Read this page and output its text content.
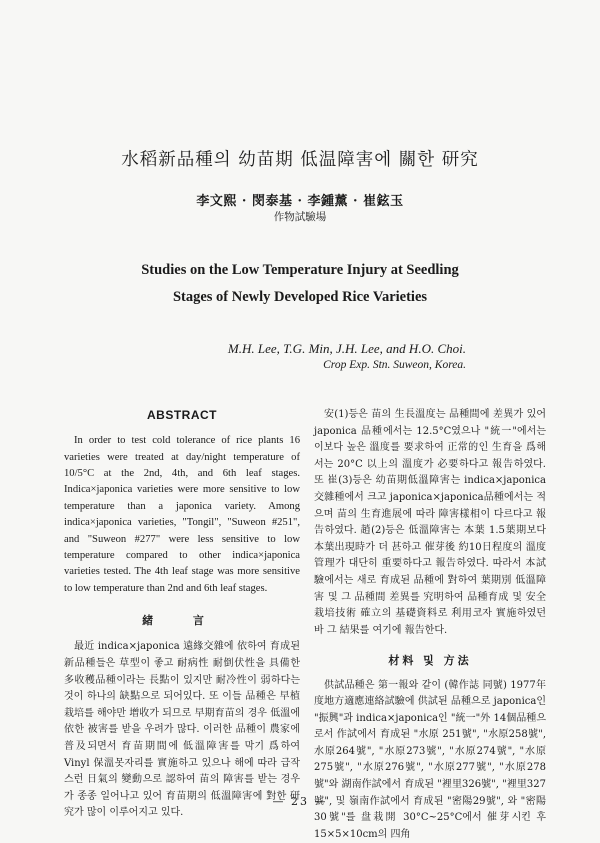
水稻新品種의 幼苗期 低温障害에 關한 研究
李文熙 · 閔泰基 · 李鍾薰 · 崔鉉玉
作物試驗場
Studies on the Low Temperature Injury at Seedling
Stages of Newly Developed Rice Varieties
M.H. Lee, T.G. Min, J.H. Lee, and H.O. Choi.
Crop Exp. Stn. Suweon, Korea.
ABSTRACT

In order to test cold tolerance of rice plants 16 varieties were treated at day/night temperature of 10/5°C at the 2nd, 4th, and 6th leaf stages. Indica×japonica varieties were more sensitive to low temperature than a japonica variety. Among indica×japonica varieties, "Tongil", "Suweon #251", and "Suweon #277" were less sensitive to low temperature compared to other indica×japonica varieties tested. The 4th leaf stage was more sensitive to low temperature than 2nd and 6th leaf stages.

緒 言

最近 indica×japonica 遠緣交雜에 依하여 育成된 新品種들은 草型이 좋고 耐病性 耐倒伏性을 具備한 多收穫品種이라는 長點이 있지만 耐冷性이 弱하다는 것이 하나의 缺點으로 되어있다. 또 이들 品種은 早植栽培를 해야만 增收가 되므로 早期育苗의 경우 低溫에 依한 被害를 받을 우려가 많다. 이러한 品種이 農家에 普及되면서 育苗期間에 低溫障害를 막기 爲하여 Vinyl 保溫못자리를 實施하고 있으나 해에 따라 급작스런 日氣의 變動으로 認하여 苗의 障害를 받는 경우가 종종 일어나고 있어 育苗期의 低溫障害에 對한 研究가 많이 이루어지고 있다.

安(1)등은 苗의 生長溫度는 品種間에 差異가 있어 japonica 品種에서는 12.5°C였으나 "統一"에서는 이보다 높은 溫度를 要求하여 正常的인 生育을 爲해서는 20°C 以上의 溫度가 必要하다고 報告하였다. 또 崔(3)등은 幼苗期低溫障害는 indica×japonica 交雜種에서 크고 japonica×japonica品種에서는 적으며 苗의 生育進展에 따라 障害樣相이 다르다고 報告하였다. 趙(2)등은 低溫障害는 本葉 1.5葉期보다 本葉出現時가 더 甚하고 催芽後 約10日程度의 溫度管理가 대단히 重要하다고 報告하였다. 따라서 本試驗에서는 새로 育成된 品種에 對하여 葉期別 低溫障害 및 그 品種間 差異를 究明하여 品種育成 및 安全栽培技術 確立의 基礎資料로 利用코자 實施하였던 바 그 結果를 여기에 報告한다.

材料 및 方法

供試品種은 第一報와 같이 (韓作誌 同號) 1977年度地方適應連絡試驗에 供試된 品種으로 japonica인 "振興"과 indica×japonica인 "統一"外 14個品種으로서 作試에서 育成된 "水原 251號", "水原258號", 水原264號", "水原273號", "水原274號", "水原275號", "水原276號", "水原277號", "水原278號"와 湖南作試에서 育成된 "裡里326號", "裡里327號", 및 嶺南作試에서 育成된 "密陽29號", 와 "密陽30號"를 盘栽開 30°C~25°C에서 催芽시킨 후 15×5×10cm의 四角

— 23 —
